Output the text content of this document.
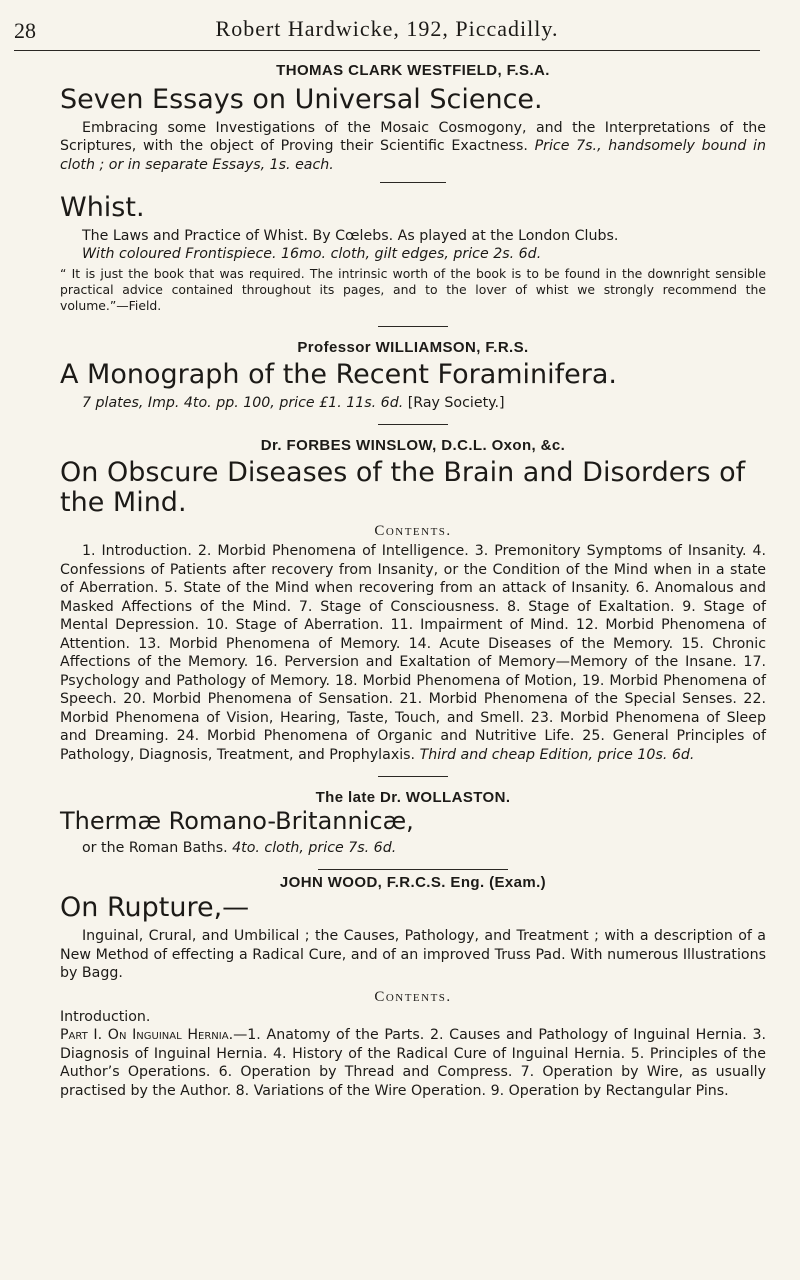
28	Robert Hardwicke, 192, Piccadilly.

THOMAS CLARK WESTFIELD, F.S.A.

Seven Essays on Universal Science.

Embracing some Investigations of the Mosaic Cosmogony, and the Interpretations of the Scriptures, with the object of Proving their Scientific Exactness. Price 7s., handsomely bound in cloth ; or in separate Essays, 1s. each.

Whist.

The Laws and Practice of Whist. By Cœlebs. As played at the London Clubs.

With coloured Frontispiece. 16mo. cloth, gilt edges, price 2s. 6d.

“ It is just the book that was required. The intrinsic worth of the book is to be found in the downright sensible practical advice contained throughout its pages, and to the lover of whist we strongly recommend the volume.”—Field.

Professor WILLIAMSON, F.R.S.

A Monograph of the Recent Foraminifera.

7 plates, Imp. 4to. pp. 100, price £1. 11s. 6d. [Ray Society.]

Dr. FORBES WINSLOW, D.C.L. Oxon, &c.

On Obscure Diseases of the Brain and Disorders of the Mind.

Contents.

1. Introduction. 2. Morbid Phenomena of Intelligence. 3. Premonitory Symptoms of Insanity. 4. Confessions of Patients after recovery from Insanity, or the Condition of the Mind when in a state of Aberration. 5. State of the Mind when recovering from an attack of Insanity. 6. Anomalous and Masked Affections of the Mind. 7. Stage of Consciousness. 8. Stage of Exaltation. 9. Stage of Mental Depression. 10. Stage of Aberration. 11. Impairment of Mind. 12. Morbid Phenomena of Attention. 13. Morbid Phenomena of Memory. 14. Acute Diseases of the Memory. 15. Chronic Affections of the Memory. 16. Perversion and Exaltation of Memory—Memory of the Insane. 17. Psychology and Pathology of Memory. 18. Morbid Phenomena of Motion, 19. Morbid Phenomena of Speech. 20. Morbid Phenomena of Sensation. 21. Morbid Phenomena of the Special Senses. 22. Morbid Phenomena of Vision, Hearing, Taste, Touch, and Smell. 23. Morbid Phenomena of Sleep and Dreaming. 24. Morbid Phenomena of Organic and Nutritive Life. 25. General Principles of Pathology, Diagnosis, Treatment, and Prophylaxis. Third and cheap Edition, price 10s. 6d.

The late Dr. WOLLASTON.

Thermæ Romano-Britannicæ,

or the Roman Baths. 4to. cloth, price 7s. 6d.

JOHN WOOD, F.R.C.S. Eng. (Exam.)

On Rupture,—

Inguinal, Crural, and Umbilical ; the Causes, Pathology, and Treatment ; with a description of a New Method of effecting a Radical Cure, and of an improved Truss Pad. With numerous Illustrations by Bagg.

Contents.

Introduction.

Part I. On Inguinal Hernia.—1. Anatomy of the Parts. 2. Causes and Pathology of Inguinal Hernia. 3. Diagnosis of Inguinal Hernia. 4. History of the Radical Cure of Inguinal Hernia. 5. Principles of the Author’s Operations. 6. Operation by Thread and Compress. 7. Operation by Wire, as usually practised by the Author. 8. Variations of the Wire Operation. 9. Operation by Rectangular Pins.
